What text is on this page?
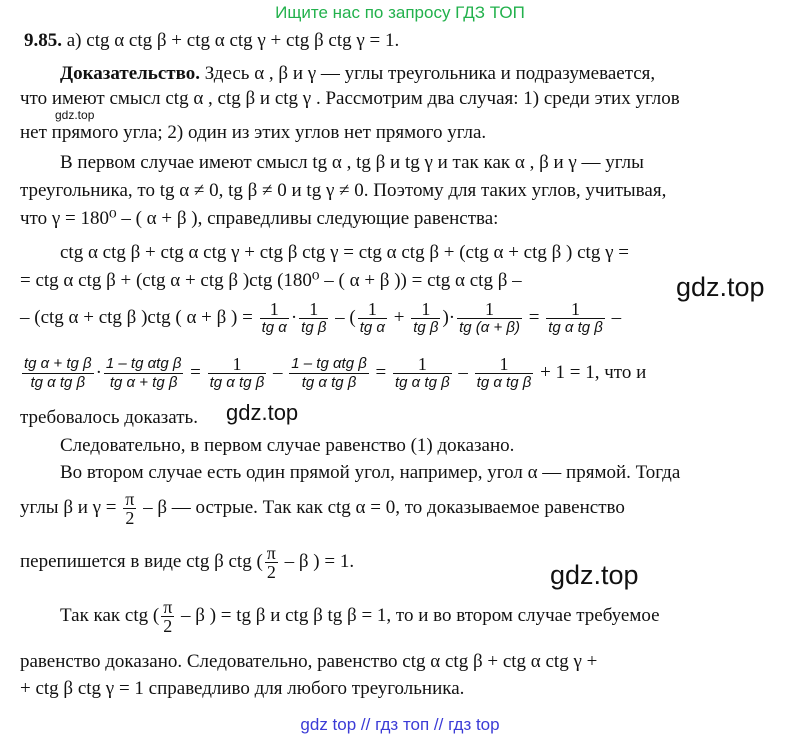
Ищите нас по запросу ГДЗ ТОП
9.85. а) ctg α ctg β + ctg α ctg γ + ctg β ctg γ = 1.
Доказательство. Здесь α , β и γ — углы треугольника и подразумевается,
что имеют смысл ctg α , ctg β и ctg γ . Рассмотрим два случая: 1) среди этих углов
gdz.top
нет прямого угла; 2) один из этих углов нет прямого угла.
В первом случае имеют смысл tg α , tg β и tg γ и так как α , β и γ — углы
треугольника, то tg α ≠ 0, tg β ≠ 0 и tg γ ≠ 0. Поэтому для таких углов, учитывая,
что γ = 180⁰ – ( α + β ), справедливы следующие равенства:
ctg α ctg β + ctg α ctg γ + ctg β ctg γ = ctg α ctg β + (ctg α + ctg β ) ctg γ =
= ctg α ctg β + (ctg α + ctg β )ctg (180⁰ – ( α + β )) = ctg α ctg β –	gdz.top
– (ctg α + ctg β )ctg ( α + β ) = $\frac{1}{\text{tg α}} \cdot \frac{1}{\text{tg β}}$ – ( $\frac{1}{\text{tg α}} + \frac{1}{\text{tg β}}$ )· $\frac{1}{tg (\alpha + \beta)} = \frac{1}{\text{tg α tg β}}$ –
$\frac{\text{tg α + tg β}}{\text{tg α tg β}} \cdot \frac{\text{1 – tg αtg β}}{\text{tg α + tg β}} = \frac{1}{\text{tg α tg β}} - \frac{\text{1 – tg αtg β}}{\text{tg α tg β}} = \frac{1}{\text{tg α tg β}} - \frac{1}{\text{tg α tg β}} + 1 = 1$, что и
требовалось доказать. gdz.top
Следовательно, в первом случае равенство (1) доказано.
Во втором случае есть один прямой угол, например, угол α — прямой. Тогда
углы β и $\gamma = \frac{\pi}{2} - \beta$ — острые. Так как ctg α = 0, то доказываемое равенство
перепишется в виде ctg β ctg ( $\frac{\pi}{2}$ – β ) = 1.	gdz.top
Так как ctg ( $\frac{\pi}{2}$ – β ) = tg β и ctg β tg β = 1, то и во втором случае требуемое
равенство доказано. Следовательно, равенство ctg α ctg β + ctg α ctg γ +
+ ctg β ctg γ = 1 справедливо для любого треугольника.
gdz top // гдз топ // гдз top
